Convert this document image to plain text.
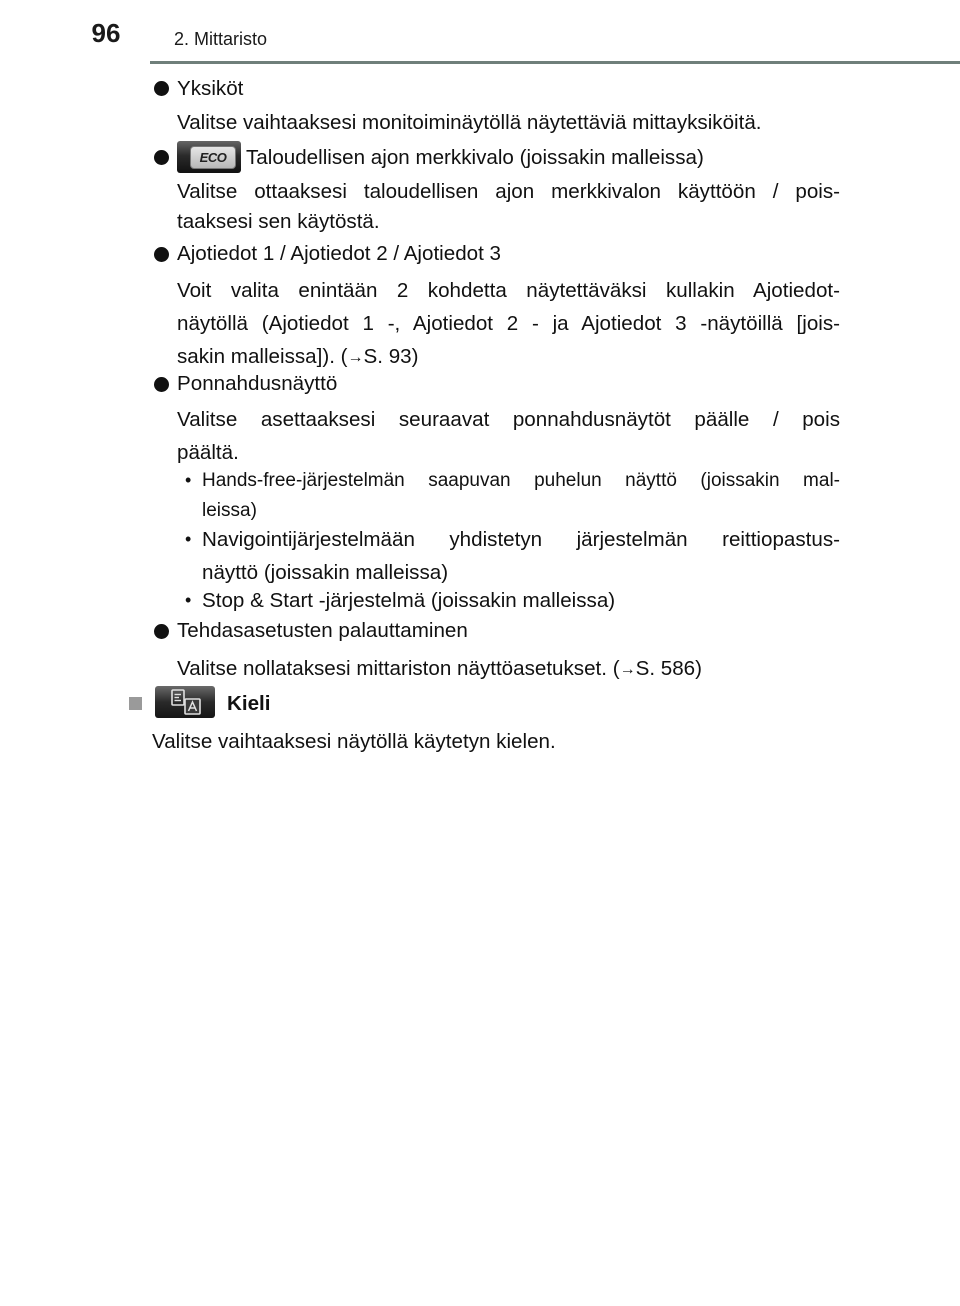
96	2. Mittaristo
Yksiköt
Valitse vaihtaaksesi monitoiminäytöllä näytettäviä mittayksiköitä.
ECO Taloudellisen ajon merkkivalo (joissakin malleissa)
Valitse ottaaksesi taloudellisen ajon merkkivalon käyttöön / pois-
taaksesi sen käytöstä.
Ajotiedot 1 / Ajotiedot 2 / Ajotiedot 3
Voit valita enintään 2 kohdetta näytettäväksi kullakin Ajotiedot-
näytöllä (Ajotiedot 1 -, Ajotiedot 2 - ja Ajotiedot 3 -näytöillä [jois-
sakin malleissa]). (→S. 93)
Ponnahdusnäyttö
Valitse asettaaksesi seuraavat ponnahdusnäytöt päälle / pois
päältä.
• Hands-free-järjestelmän saapuvan puhelun näyttö (joissakin mal-
leissa)
• Navigointijärjestelmään yhdistetyn järjestelmän reittiopastus-
näyttö (joissakin malleissa)
• Stop & Start -järjestelmä (joissakin malleissa)
Tehdasasetusten palauttaminen
Valitse nollataksesi mittariston näyttöasetukset. (→S. 586)
Kieli
Valitse vaihtaaksesi näytöllä käytetyn kielen.
